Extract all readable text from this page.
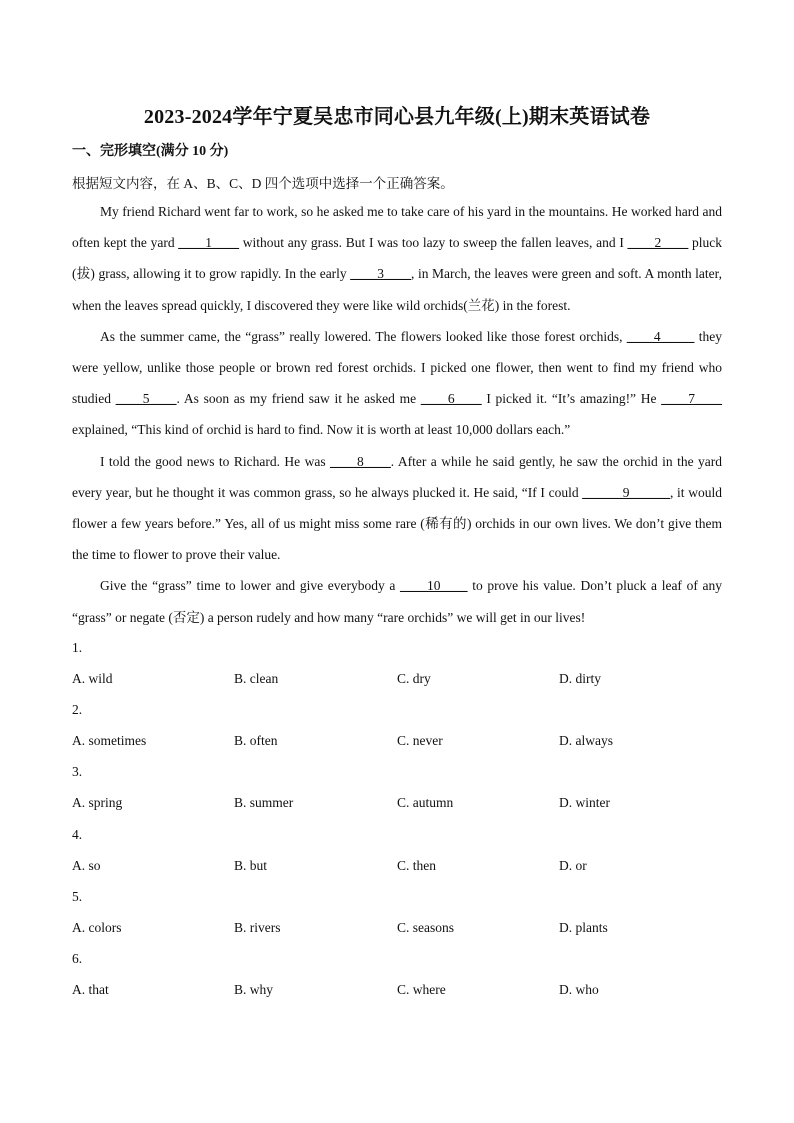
2023-2024学年宁夏吴忠市同心县九年级(上)期末英语试卷
一、完形填空(满分 10 分)
根据短文内容，在 A、B、C、D 四个选项中选择一个正确答案。

My friend Richard went far to work, so he asked me to take care of his yard in the mountains. He worked hard and often kept the yard ____1____ without any grass. But I was too lazy to sweep the fallen leaves, and I ____2____ pluck (拔) grass, allowing it to grow rapidly. In the early ____3____, in March, the leaves were green and soft. A month later, when the leaves spread quickly, I discovered they were like wild orchids(兰花) in the forest.

As the summer came, the “grass” really lowered. The flowers looked like those forest orchids, ____4_____ they were yellow, unlike those people or brown red forest orchids. I picked one flower, then went to find my friend who studied ____5____. As soon as my friend saw it he asked me ____6____ I picked it. “It’s amazing!” He ____7____ explained, “This kind of orchid is hard to find. Now it is worth at least 10,000 dollars each.”

I told the good news to Richard. He was ____8____. After a while he said gently, he saw the orchid in the yard every year, but he thought it was common grass, so he always plucked it. He said, “If I could ______9______, it would flower a few years before.” Yes, all of us might miss some rare (稀有的) orchids in our own lives. We don’t give them the time to flower to prove their value.

Give the “grass” time to lower and give everybody a ____10____ to prove his value. Don’t pluck a leaf of any “grass” or negate (否定) a person rudely and how many “rare orchids” we will get in our lives!

1.
A. wild	B. clean	C. dry	D. dirty
2.
A. sometimes	B. often	C. never	D. always
3.
A. spring	B. summer	C. autumn	D. winter
4.
A. so	B. but	C. then	D. or
5.
A. colors	B. rivers	C. seasons	D. plants
6.
A. that	B. why	C. where	D. who
